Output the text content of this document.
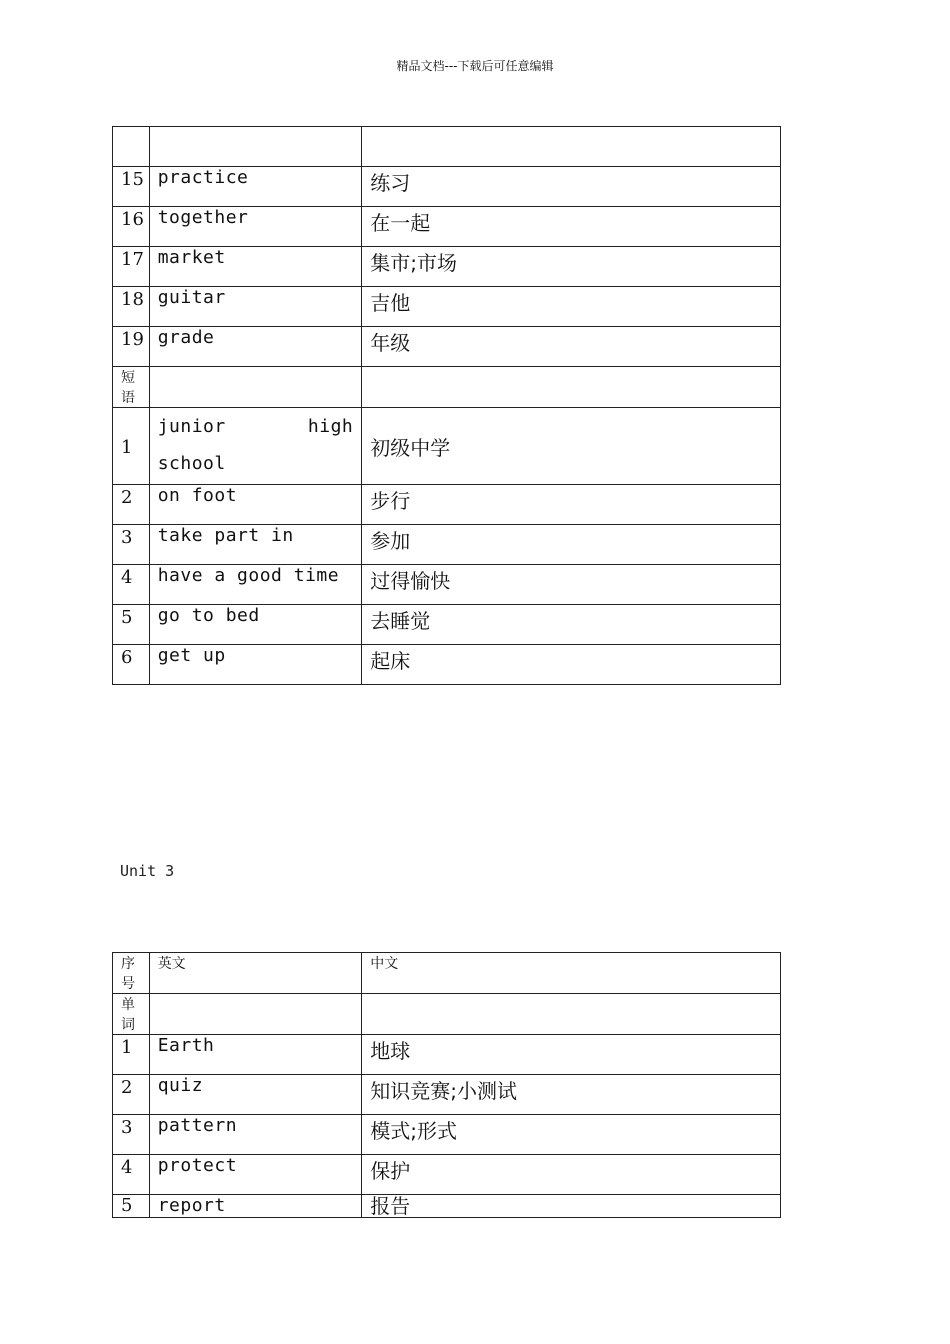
精品文档---下载后可任意编辑

15	practice	练习
16	together	在一起
17	market	集市;市场
18	guitar	吉他
19	grade	年级
短语		
1	junior high school	初级中学
2	on foot	步行
3	take part in	参加
4	have a good time	过得愉快
5	go to bed	去睡觉
6	get up	起床
Unit 3
序号	英文	中文
单词		
1	Earth	地球
2	quiz	知识竞赛;小测试
3	pattern	模式;形式
4	protect	保护
5	report	报告
